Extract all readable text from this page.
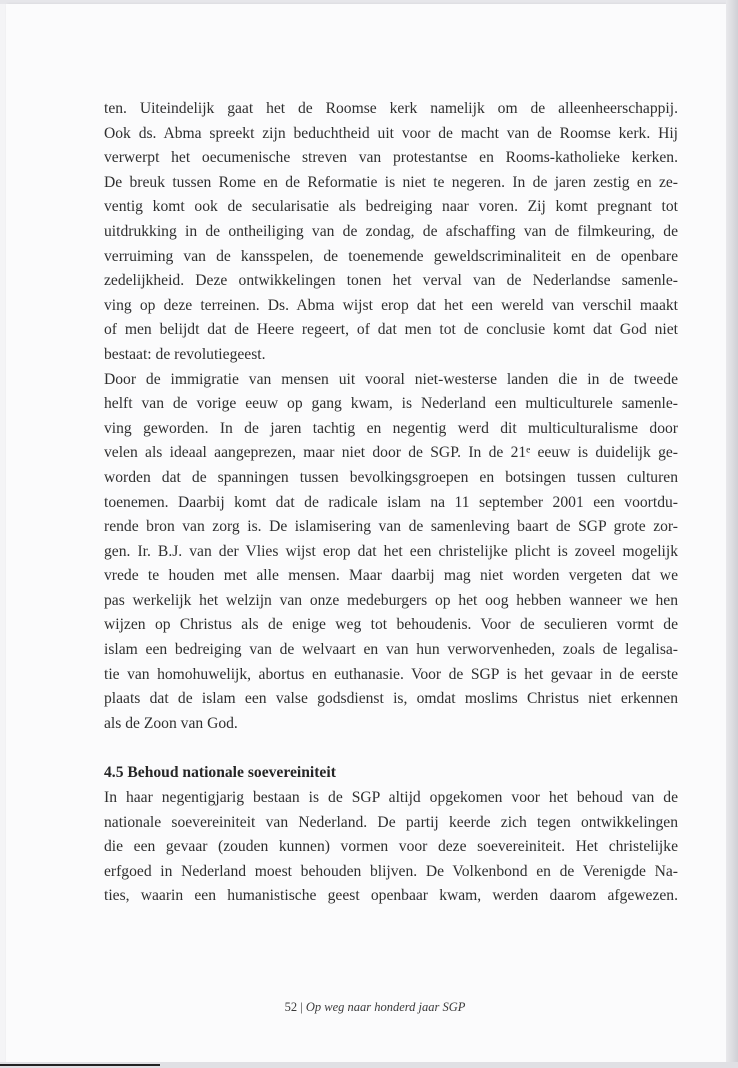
ten. Uiteindelijk gaat het de Roomse kerk namelijk om de alleenheerschappij.
Ook ds. Abma spreekt zijn beduchtheid uit voor de macht van de Roomse kerk. Hij
verwerpt het oecumenische streven van protestantse en Rooms-katholieke kerken.
De breuk tussen Rome en de Reformatie is niet te negeren. In de jaren zestig en ze-
ventig komt ook de secularisatie als bedreiging naar voren. Zij komt pregnant tot
uitdrukking in de ontheiliging van de zondag, de afschaffing van de filmkeuring, de
verruiming van de kansspelen, de toenemende geweldscriminaliteit en de openbare
zedelijkheid. Deze ontwikkelingen tonen het verval van de Nederlandse samenle-
ving op deze terreinen. Ds. Abma wijst erop dat het een wereld van verschil maakt
of men belijdt dat de Heere regeert, of dat men tot de conclusie komt dat God niet
bestaat: de revolutiegeest.
Door de immigratie van mensen uit vooral niet-westerse landen die in de tweede
helft van de vorige eeuw op gang kwam, is Nederland een multiculturele samenle-
ving geworden. In de jaren tachtig en negentig werd dit multiculturalisme door
velen als ideaal aangeprezen, maar niet door de SGP. In de 21ᵉ eeuw is duidelijk ge-
worden dat de spanningen tussen bevolkingsgroepen en botsingen tussen culturen
toenemen. Daarbij komt dat de radicale islam na 11 september 2001 een voortdu-
rende bron van zorg is. De islamisering van de samenleving baart de SGP grote zor-
gen. Ir. B.J. van der Vlies wijst erop dat het een christelijke plicht is zoveel mogelijk
vrede te houden met alle mensen. Maar daarbij mag niet worden vergeten dat we
pas werkelijk het welzijn van onze medeburgers op het oog hebben wanneer we hen
wijzen op Christus als de enige weg tot behoudenis. Voor de seculieren vormt de
islam een bedreiging van de welvaart en van hun verworvenheden, zoals de legalisa-
tie van homohuwelijk, abortus en euthanasie. Voor de SGP is het gevaar in de eerste
plaats dat de islam een valse godsdienst is, omdat moslims Christus niet erkennen
als de Zoon van God.
4.5 Behoud nationale soevereiniteit
In haar negentigjarig bestaan is de SGP altijd opgekomen voor het behoud van de
nationale soevereiniteit van Nederland. De partij keerde zich tegen ontwikkelingen
die een gevaar (zouden kunnen) vormen voor deze soevereiniteit. Het christelijke
erfgoed in Nederland moest behouden blijven. De Volkenbond en de Verenigde Na-
ties, waarin een humanistische geest openbaar kwam, werden daarom afgewezen.
52 | Op weg naar honderd jaar SGP
